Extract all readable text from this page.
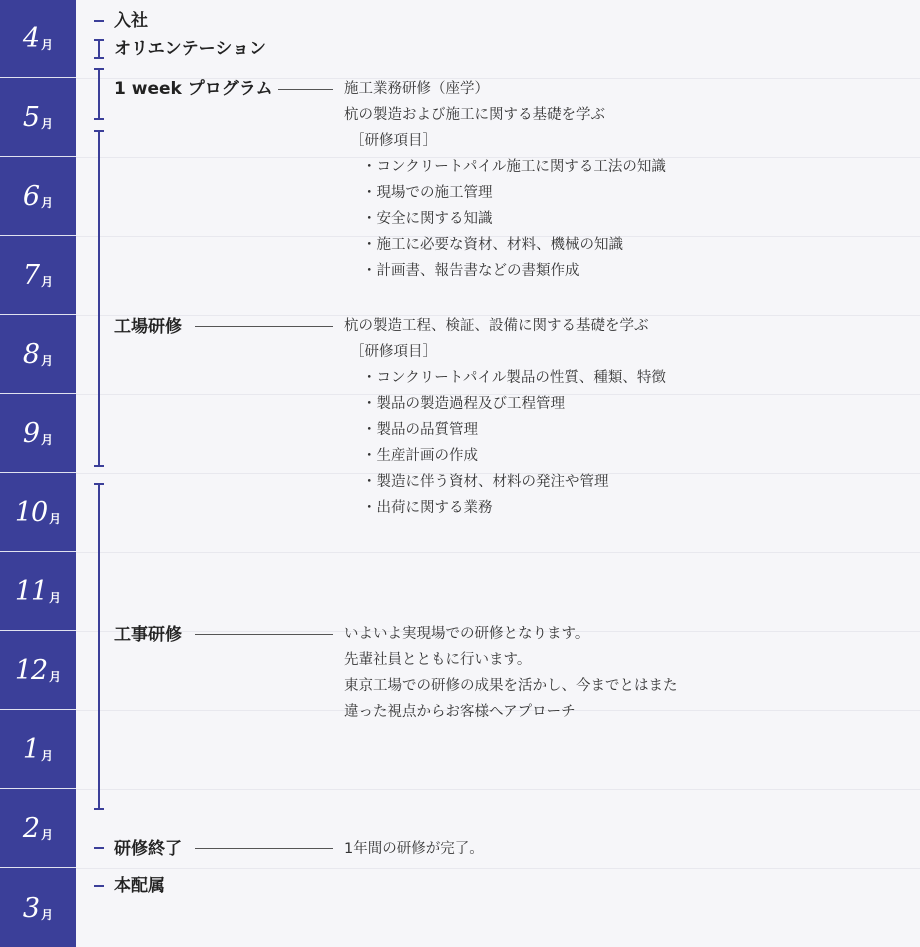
4 月
5 月
6 月
7 月
8 月
9 月
10 月
11 月
12 月
1 月
2 月
3 月
入社
オリエンテーション
1 week プログラム
工場研修
工事研修
研修終了
本配属
施工業務研修（座学）
杭の製造および施工に関する基礎を学ぶ
［研修項目］
・コンクリートパイル施工に関する工法の知識
・現場での施工管理
・安全に関する知識
・施工に必要な資材、材料、機械の知識
・計画書、報告書などの書類作成
杭の製造工程、検証、設備に関する基礎を学ぶ
［研修項目］
・コンクリートパイル製品の性質、種類、特徴
・製品の製造過程及び工程管理
・製品の品質管理
・生産計画の作成
・製造に伴う資材、材料の発注や管理
・出荷に関する業務
いよいよ実現場での研修となります。
先輩社員とともに行います。
東京工場での研修の成果を活かし、今までとはまた
違った視点からお客様へアプローチ
1年間の研修が完了。
